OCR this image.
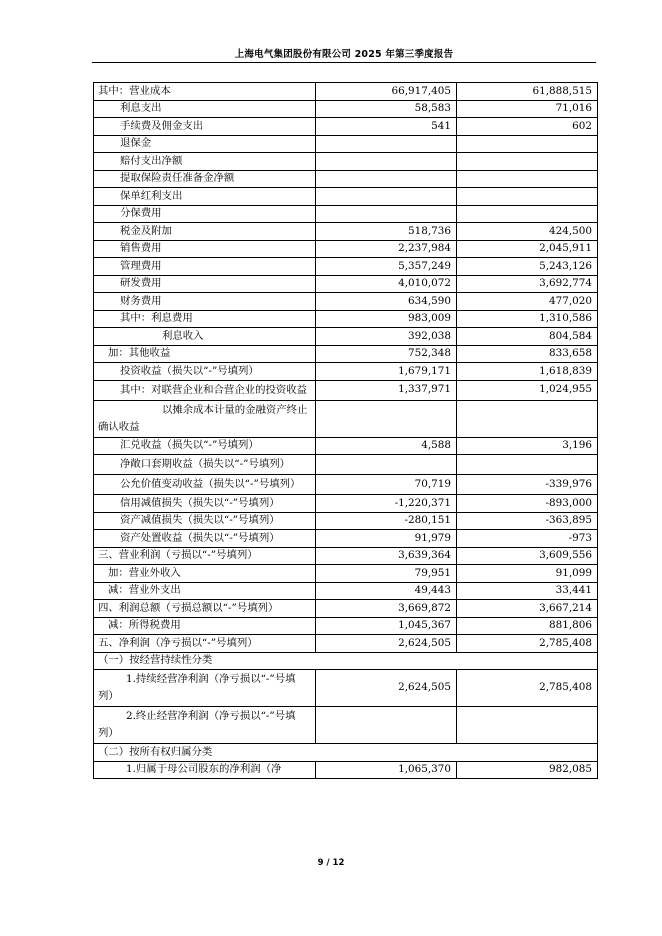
上海电气集团股份有限公司 2025 年第三季度报告
其中：营业成本	66,917,405	61,888,515
利息支出	58,583	71,016
手续费及佣金支出	541	602
退保金		
赔付支出净额		
提取保险责任准备金净额		
保单红利支出		
分保费用		
税金及附加	518,736	424,500
销售费用	2,237,984	2,045,911
管理费用	5,357,249	5,243,126
研发费用	4,010,072	3,692,774
财务费用	634,590	477,020
其中：利息费用	983,009	1,310,586
利息收入	392,038	804,584
加：其他收益	752,348	833,658
投资收益（损失以“-”号填列）	1,679,171	1,618,839
其中：对联营企业和合营企业的投资收益	1,337,971	1,024,955
以摊余成本计量的金融资产终止确认收益		
汇兑收益（损失以“-”号填列）	4,588	3,196
净敞口套期收益（损失以“-”号填列）		
公允价值变动收益（损失以“-”号填列）	70,719	-339,976
信用减值损失（损失以“-”号填列）	-1,220,371	-893,000
资产减值损失（损失以“-”号填列）	-280,151	-363,895
资产处置收益（损失以“-”号填列）	91,979	-973
三、营业利润（亏损以“-”号填列）	3,639,364	3,609,556
加：营业外收入	79,951	91,099
减：营业外支出	49,443	33,441
四、利润总额（亏损总额以“-”号填列）	3,669,872	3,667,214
减：所得税费用	1,045,367	881,806
五、净利润（净亏损以“-”号填列）	2,624,505	2,785,408
（一）按经营持续性分类		
1.持续经营净利润（净亏损以“-”号填列）	2,624,505	2,785,408
2.终止经营净利润（净亏损以“-”号填列）		
（二）按所有权归属分类		
1.归属于母公司股东的净利润（净	1,065,370	982,085
9 / 12
